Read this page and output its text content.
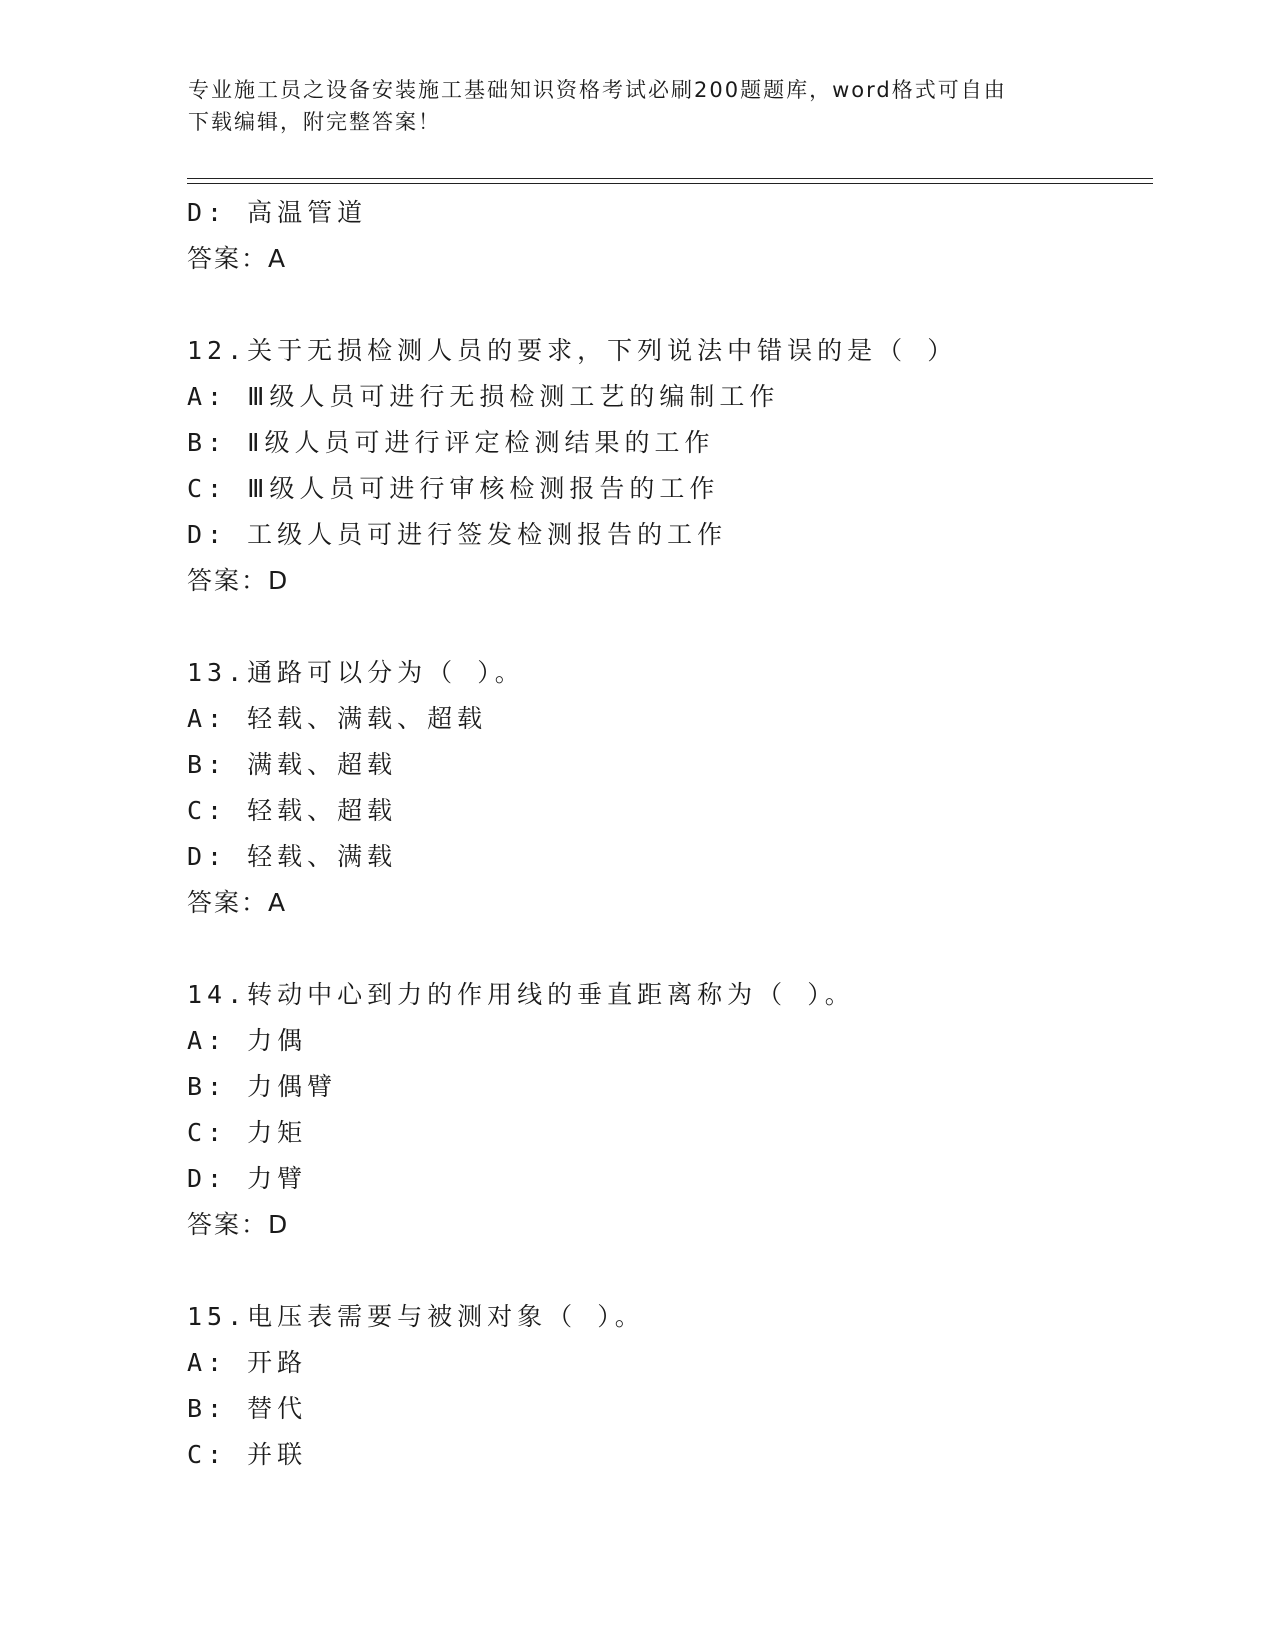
专业施工员之设备安装施工基础知识资格考试必刷200题题库，word格式可自由
下载编辑，附完整答案！
D: 高温管道
答案：A
12.关于无损检测人员的要求，下列说法中错误的是（ ）
A: Ⅲ级人员可进行无损检测工艺的编制工作
B: Ⅱ级人员可进行评定检测结果的工作
C: Ⅲ级人员可进行审核检测报告的工作
D: 工级人员可进行签发检测报告的工作
答案：D
13.通路可以分为（ ）。
A: 轻载、满载、超载
B: 满载、超载
C: 轻载、超载
D: 轻载、满载
答案：A
14.转动中心到力的作用线的垂直距离称为（ ）。
A: 力偶
B: 力偶臂
C: 力矩
D: 力臂
答案：D
15.电压表需要与被测对象（ ）。
A: 开路
B: 替代
C: 并联
